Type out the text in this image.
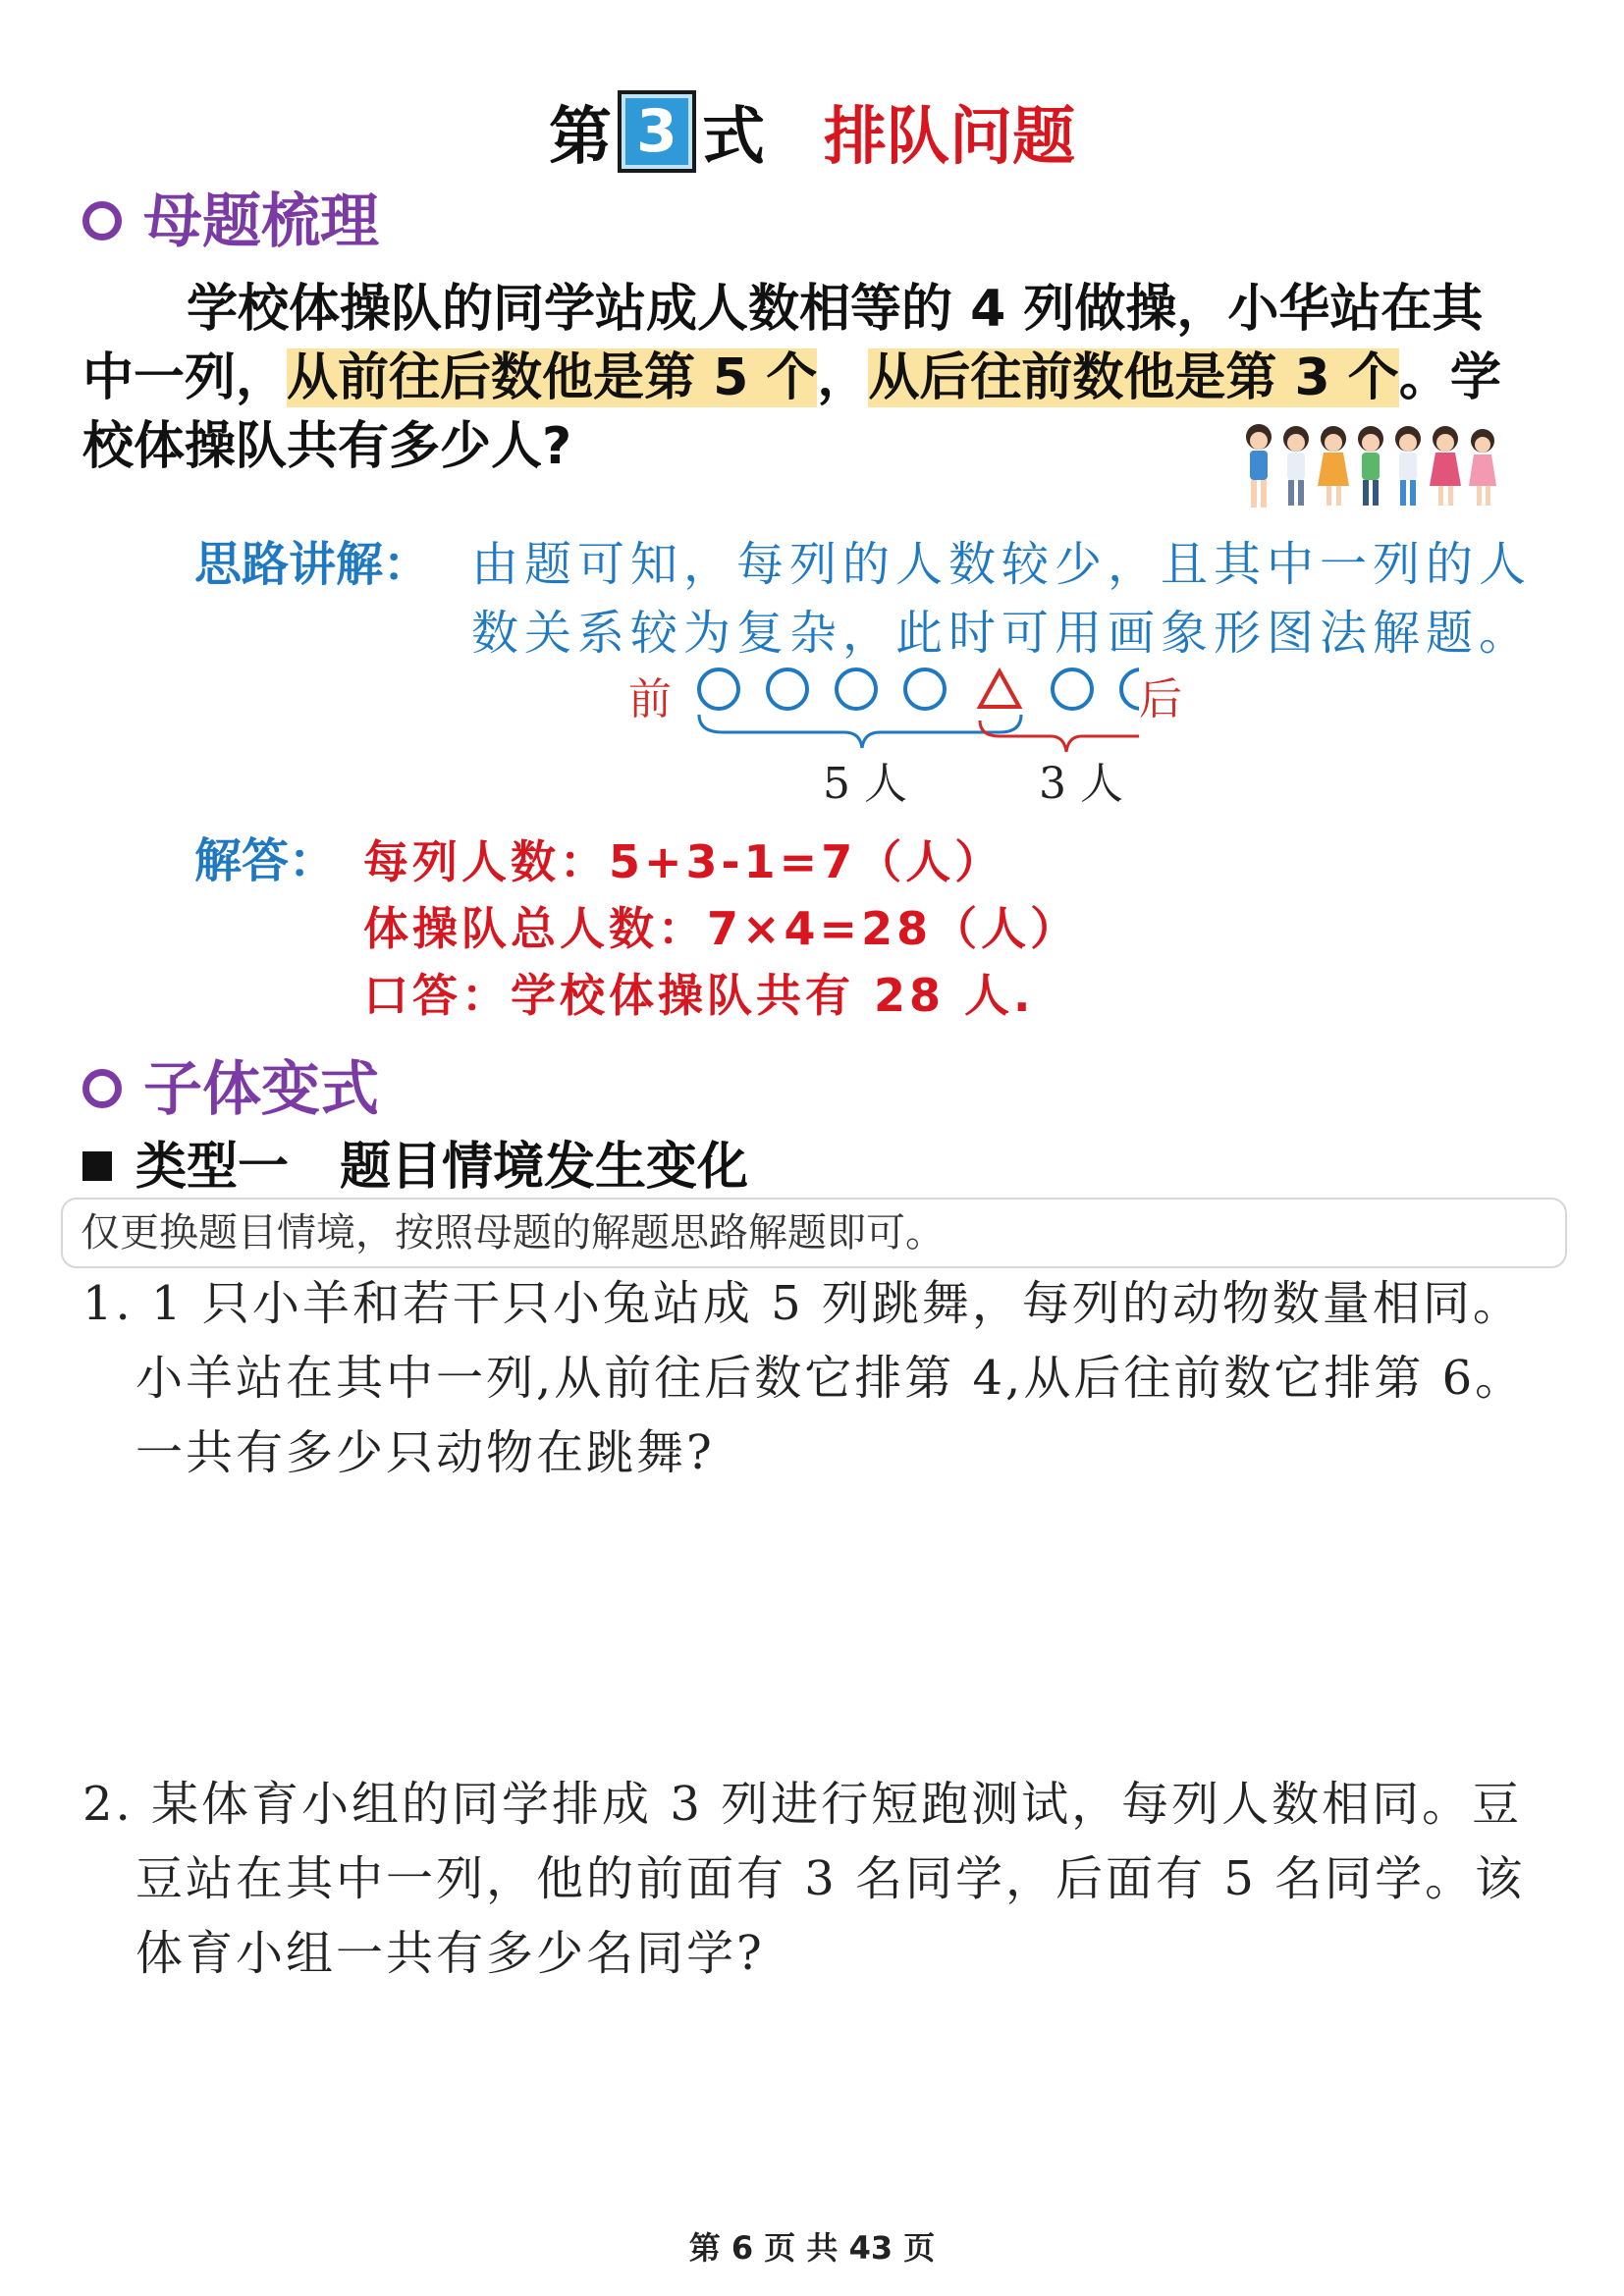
第 3 式 排队问题
母题梳理
学校体操队的同学站成人数相等的 4 列做操，小华站在其
中一列，从前往后数他是第 5 个，从后往前数他是第 3 个。学
校体操队共有多少人?
思路讲解： 由题可知，每列的人数较少，且其中一列的人
数关系较为复杂，此时可用画象形图法解题。
前	后
5 人	3 人
解答： 每列人数：5+3-1=7（人）
体操队总人数：7×4=28（人）
口答：学校体操队共有 28 人.
子体变式
类型一　题目情境发生变化
仅更换题目情境，按照母题的解题思路解题即可。
1. 1 只小羊和若干只小兔站成 5 列跳舞，每列的动物数量相同。
小羊站在其中一列,从前往后数它排第 4,从后往前数它排第 6。
一共有多少只动物在跳舞?
2. 某体育小组的同学排成 3 列进行短跑测试，每列人数相同。豆
豆站在其中一列，他的前面有 3 名同学，后面有 5 名同学。该
体育小组一共有多少名同学?
第 6 页 共 43 页
